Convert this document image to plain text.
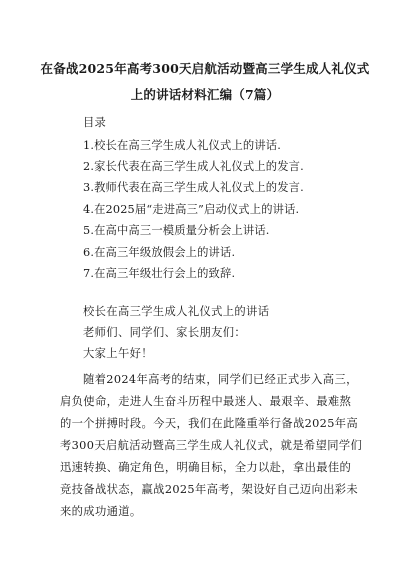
在备战2025年高考300天启航活动暨高三学生成人礼仪式
上的讲话材料汇编（7篇）
目录
1.校长在高三学生成人礼仪式上的讲话.
2.家长代表在高三学生成人礼仪式上的发言.
3.教师代表在高三学生成人礼仪式上的发言.
4.在2025届“走进高三”启动仪式上的讲话.
5.在高中高三一模质量分析会上讲话.
6.在高三年级放假会上的讲话.
7.在高三年级壮行会上的致辞.
校长在高三学生成人礼仪式上的讲话
老师们、同学们、家长朋友们：
大家上午好！
随着2024年高考的结束，同学们已经正式步入高三，
肩负使命，走进人生奋斗历程中最迷人、最艰辛、最难熬
的一个拼搏时段。今天，我们在此隆重举行备战2025年高
考300天启航活动暨高三学生成人礼仪式，就是希望同学们
迅速转换、确定角色，明确目标，全力以赴，拿出最佳的
竞技备战状态，赢战2025年高考，架设好自己迈向出彩未
来的成功通道。
